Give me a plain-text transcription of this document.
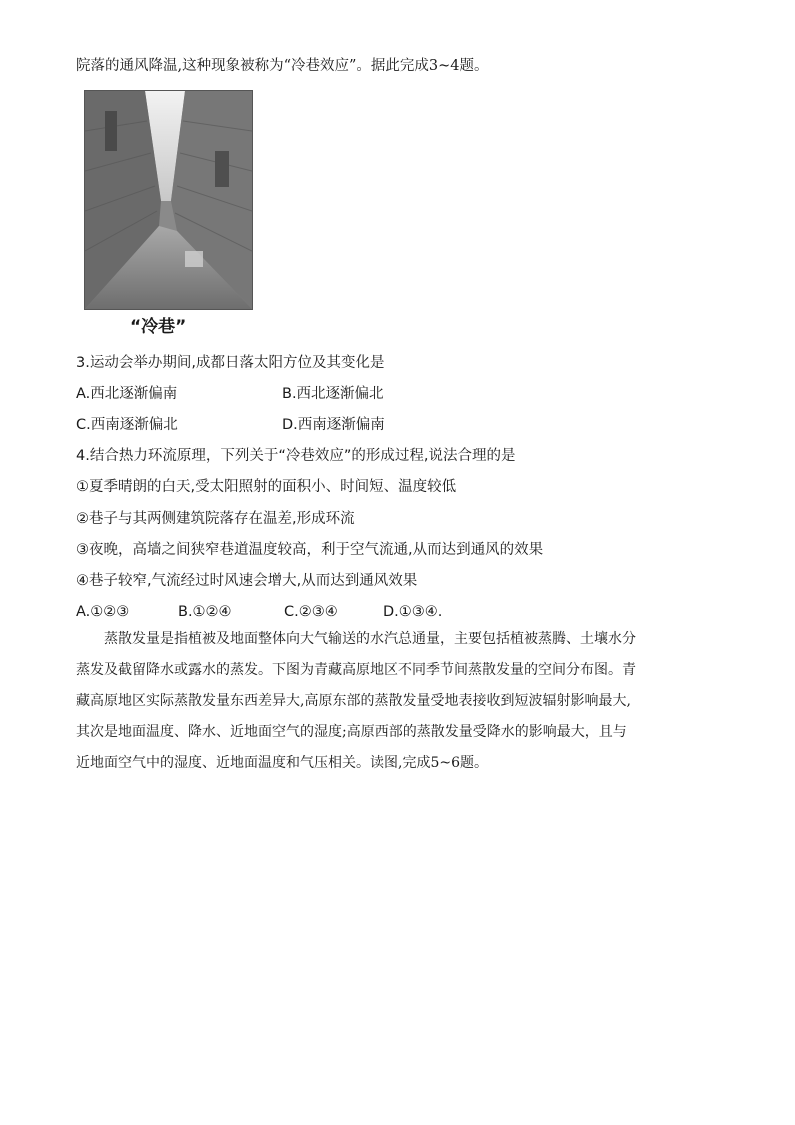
院落的通风降温,这种现象被称为“冷巷效应”。据此完成3~4题。
“冷巷”
3.运动会举办期间,成都日落太阳方位及其变化是
A.西北逐渐偏南	B.西北逐渐偏北
C.西南逐渐偏北	D.西南逐渐偏南
4.结合热力环流原理，下列关于“冷巷效应”的形成过程,说法合理的是
①夏季晴朗的白天,受太阳照射的面积小、时间短、温度较低
②巷子与其两侧建筑院落存在温差,形成环流
③夜晚，高墙之间狭窄巷道温度较高，利于空气流通,从而达到通风的效果
④巷子较窄,气流经过时风速会增大,从而达到通风效果
A.①②③	B.①②④	C.②③④	D.①③④.

蒸散发量是指植被及地面整体向大气输送的水汽总通量，主要包括植被蒸腾、土壤水分

蒸发及截留降水或露水的蒸发。下图为青藏高原地区不同季节间蒸散发量的空间分布图。青

藏高原地区实际蒸散发量东西差异大,高原东部的蒸散发量受地表接收到短波辐射影响最大,

其次是地面温度、降水、近地面空气的湿度;高原西部的蒸散发量受降水的影响最大，且与

近地面空气中的湿度、近地面温度和气压相关。读图,完成5~6题。
